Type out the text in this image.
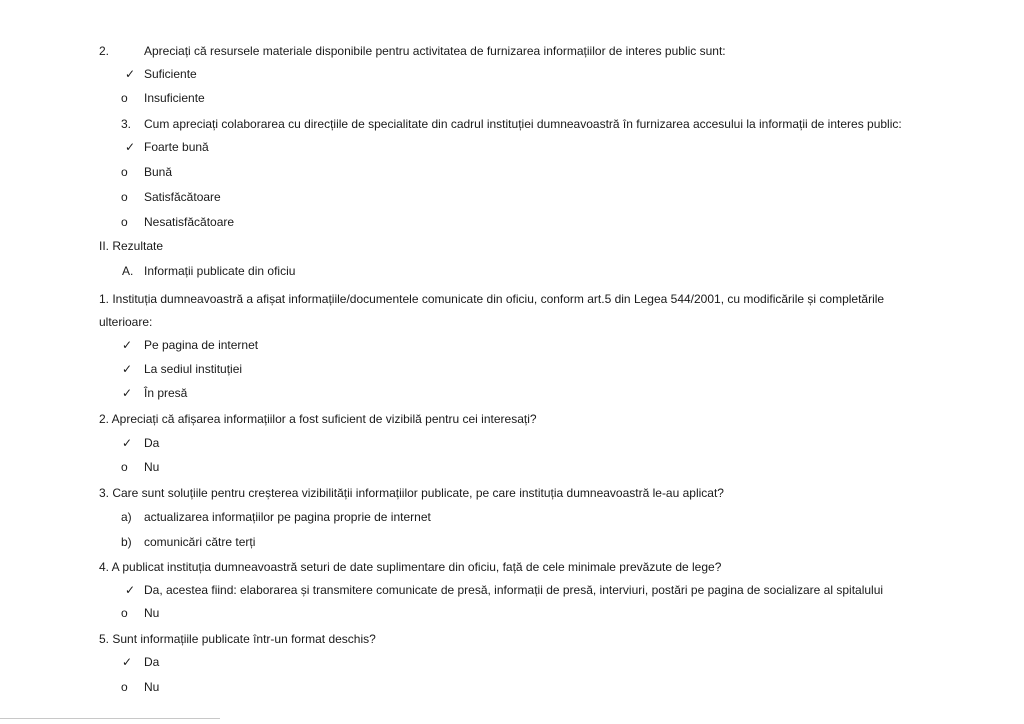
2.	Apreciați că resursele materiale disponibile pentru activitatea de furnizarea informațiilor de interes public sunt:
✓ Suficiente
o Insuficiente
3. Cum apreciați colaborarea cu direcțiile de specialitate din cadrul instituției dumneavoastră în furnizarea accesului la informații de interes public:
✓ Foarte bună
o Bună
o Satisfăcătoare
o Nesatisfăcătoare
II. Rezultate
A. Informații publicate din oficiu
1. Instituția dumneavoastră a afișat informațiile/documentele comunicate din oficiu, conform art.5 din Legea 544/2001, cu modificările și completările
ulterioare:
✓ Pe pagina de internet
✓ La sediul instituției
✓ În presă
2. Apreciați că afișarea informațiilor a fost suficient de vizibilă pentru cei interesați?
✓ Da
o Nu
3. Care sunt soluțiile pentru creșterea vizibilității informațiilor publicate, pe care instituția dumneavoastră le-au aplicat?
a) actualizarea informațiilor pe pagina proprie de internet
b) comunicări către terți
4. A publicat instituția dumneavoastră seturi de date suplimentare din oficiu, față de cele minimale prevăzute de lege?
✓ Da, acestea fiind: elaborarea și transmitere comunicate de presă, informații de presă, interviuri, postări pe pagina de socializare al spitalului
o Nu
5. Sunt informațiile publicate într-un format deschis?
✓ Da
o Nu
